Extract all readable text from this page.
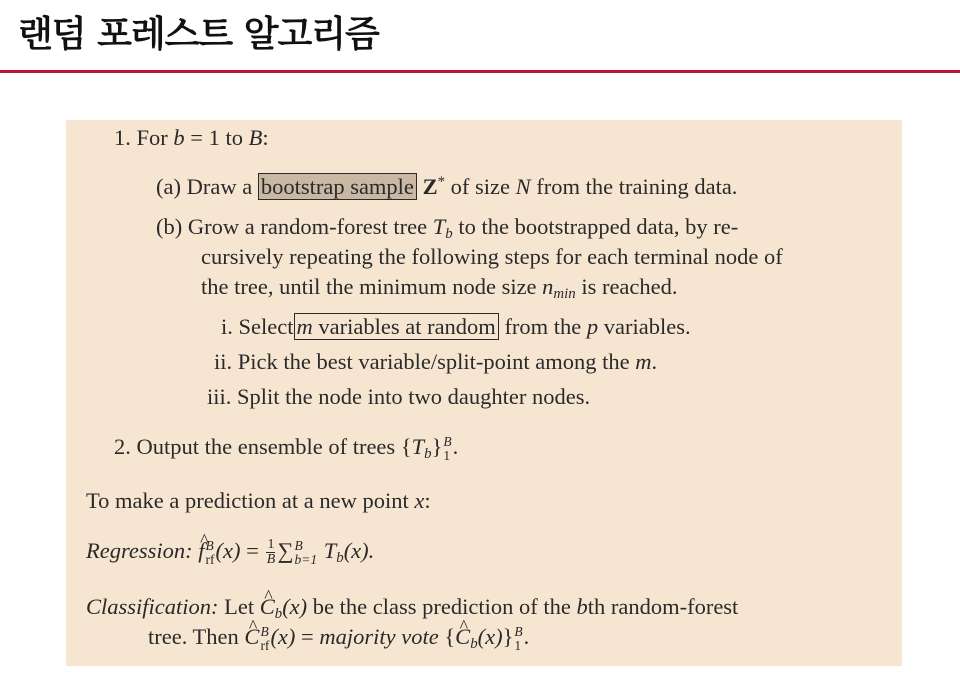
랜덤 포레스트 알고리즘
1. For b = 1 to B:
(a) Draw a bootstrap sample Z* of size N from the training data.
(b) Grow a random-forest tree $T_b$ to the bootstrapped data, by re-
cursively repeating the following steps for each terminal node of
the tree, until the minimum node size $n_{min}$ is reached.
i. Select m variables at random from the p variables.
ii. Pick the best variable/split-point among the m.
iii. Split the node into two daughter nodes.
2. Output the ensemble of trees $\{T_b\}$ B
1 .
To make a prediction at a new point x:
Regression: ^ f B
rf $(x) = \frac{1}{B}$ ∑ B
b=1 $T_b(x)$.
Classification: Let ^ $C_b(x)$ be the class prediction of the bth random-forest
tree. Then ^ C B
rf (x) = majority vote {^ $C_b(x)$} B
1 .
